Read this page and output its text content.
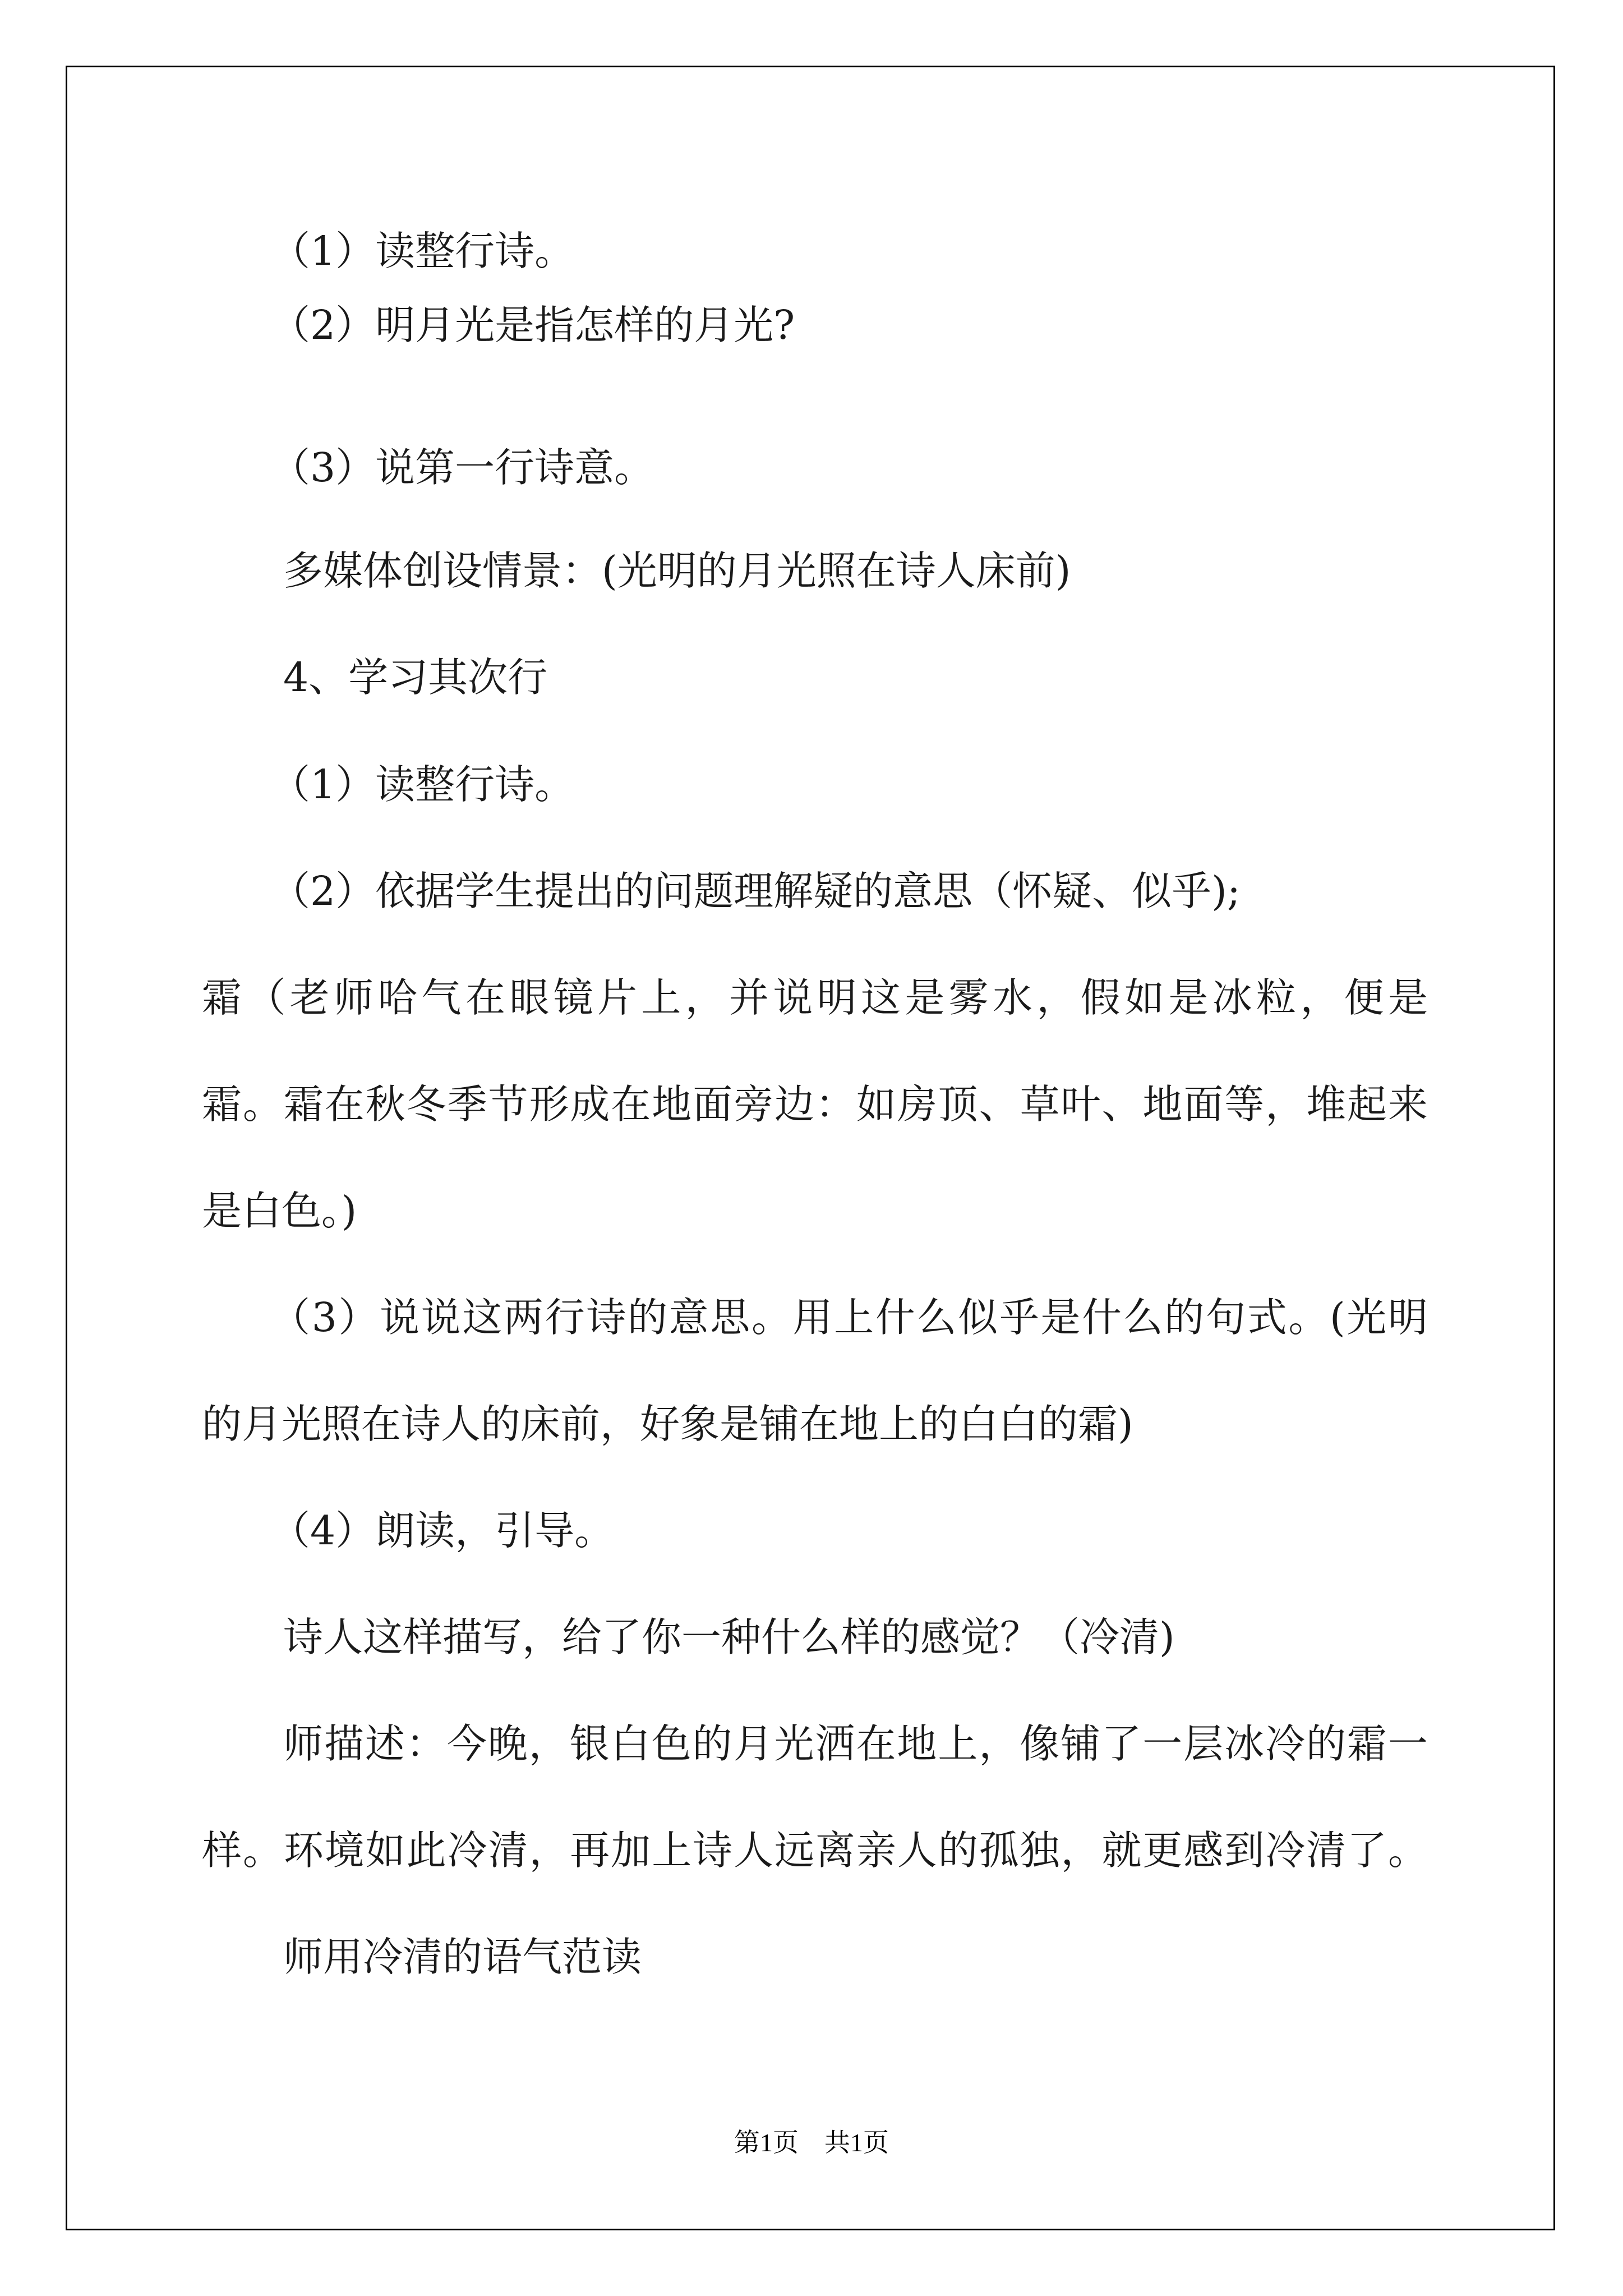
（1）读整行诗。
（2）明月光是指怎样的月光?
（3）说第一行诗意。
多媒体创设情景：(光明的月光照在诗人床前)
4、学习其次行
（1）读整行诗。
（2）依据学生提出的问题理解疑的意思（怀疑、似乎);
霜（老师哈气在眼镜片上，并说明这是雾水，假如是冰粒，便是
霜。霜在秋冬季节形成在地面旁边：如房顶、草叶、地面等，堆起来
是白色。)
（3）说说这两行诗的意思。用上什么似乎是什么的句式。(光明
的月光照在诗人的床前，好象是铺在地上的白白的霜)
（4）朗读，引导。
诗人这样描写，给了你一种什么样的感觉？（冷清)
师描述：今晚，银白色的月光洒在地上，像铺了一层冰冷的霜一
样。环境如此冷清，再加上诗人远离亲人的孤独，就更感到冷清了。
师用冷清的语气范读
第1页　共1页
